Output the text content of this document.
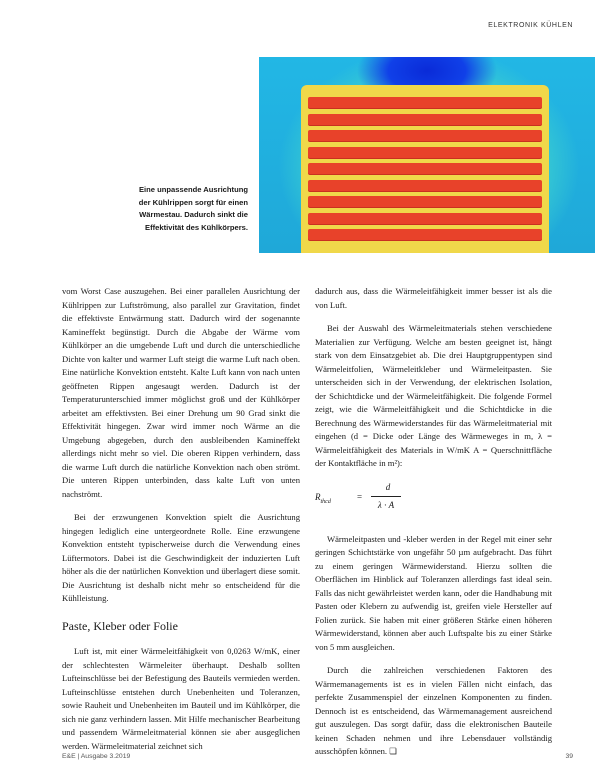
ELEKTRONIK KÜHLEN
Eine unpassende Ausrichtung
der Kühlrippen sorgt für einen
Wärmestau. Dadurch sinkt die
Effektivität des Kühlkörpers.

vom Worst Case auszugehen. Bei einer parallelen Ausrichtung der Kühlrippen zur Luftströmung, also parallel zur Gravitation, findet die effektivste Entwärmung statt. Dadurch wird der sogenannte Kamineffekt begünstigt. Durch die Abgabe der Wärme vom Kühlkörper an die umgebende Luft und durch die unterschiedliche Dichte von kalter und warmer Luft steigt die warme Luft nach oben. Eine natürliche Konvektion entsteht. Kalte Luft kann von nach unten geöffneten Rippen angesaugt werden. Dadurch ist der Temperaturunterschied immer möglichst groß und der Kühlkörper arbeitet am effektivsten. Bei einer Drehung um 90 Grad sinkt die Effektivität hingegen. Zwar wird immer noch Wärme an die Umgebung abgegeben, durch den ausbleibenden Kamineffekt allerdings nicht mehr so viel. Die oberen Rippen verhindern, dass die warme Luft durch die natürliche Konvektion nach oben strömt. Die unteren Rippen unterbinden, dass kalte Luft von unten nachströmt.

Bei der erzwungenen Konvektion spielt die Ausrichtung hingegen lediglich eine untergeordnete Rolle. Eine erzwungene Konvektion entsteht typischerweise durch die Verwendung eines Lüftermotors. Dabei ist die Geschwindigkeit der induzierten Luft höher als die der natürlichen Konvektion und überlagert diese somit. Die Ausrichtung ist deshalb nicht mehr so entscheidend für die Kühlleistung.

Paste, Kleber oder Folie

Luft ist, mit einer Wärmeleitfähigkeit von 0,0263 W/mK, einer der schlechtesten Wärmeleiter überhaupt. Deshalb sollten Lufteinschlüsse bei der Befestigung des Bauteils vermieden werden. Lufteinschlüsse entstehen durch Unebenheiten und Toleranzen, sowie Rauheit und Unebenheiten im Bauteil und im Kühlkörper, die sich nie ganz verhindern lassen. Mit Hilfe mechanischer Bearbeitung und passendem Wärmeleitmaterial können sie aber ausgeglichen werden. Wärmeleitmaterial zeichnet sich

dadurch aus, dass die Wärmeleitfähigkeit immer besser ist als die von Luft.

Bei der Auswahl des Wärmeleitmaterials stehen verschiedene Materialien zur Verfügung. Welche am besten geeignet ist, hängt stark von dem Einsatzgebiet ab. Die drei Hauptgruppentypen sind Wärmeleitfolien, Wärmeleitkleber und Wärmeleitpasten. Sie unterscheiden sich in der Verwendung, der elektrischen Isolation, der Schichtdicke und der Wärmeleitfähigkeit. Die folgende Formel zeigt, wie die Wärmeleitfähigkeit und die Schichtdicke in die Berechnung des Wärmewiderstandes für das Wärmeleitmaterial mit eingehen (d = Dicke oder Länge des Wärmeweges in m, λ = Wärmeleitfähigkeit des Materials in W/mK A = Querschnittfläche der Kontaktfläche in m²):

$R_{thcd}$	=
d
λ · A

Wärmeleitpasten und -kleber werden in der Regel mit einer sehr geringen Schichtstärke von ungefähr 50 µm aufgebracht. Das führt zu einem geringen Wärmewiderstand. Hierzu sollten die Oberflächen im Hinblick auf Toleranzen allerdings fast ideal sein. Falls das nicht gewährleistet werden kann, oder die Handhabung mit Pasten oder Klebern zu aufwendig ist, greifen viele Hersteller auf Folien zurück. Sie haben mit einer größeren Stärke einen höheren Wärmewiderstand, können aber auch Luftspalte bis zu einer Stärke von 5 mm ausgleichen.

Durch die zahlreichen verschiedenen Faktoren des Wärmemanagements ist es in vielen Fällen nicht einfach, das perfekte Zusammenspiel der einzelnen Komponenten zu finden. Dennoch ist es entscheidend, das Wärmemanagement ausreichend gut auszulegen. Das sorgt dafür, dass die elektronischen Bauteile keinen Schaden nehmen und ihre Lebensdauer vollständig ausschöpfen können. ❏

E&E | Ausgabe 3.2019	39
